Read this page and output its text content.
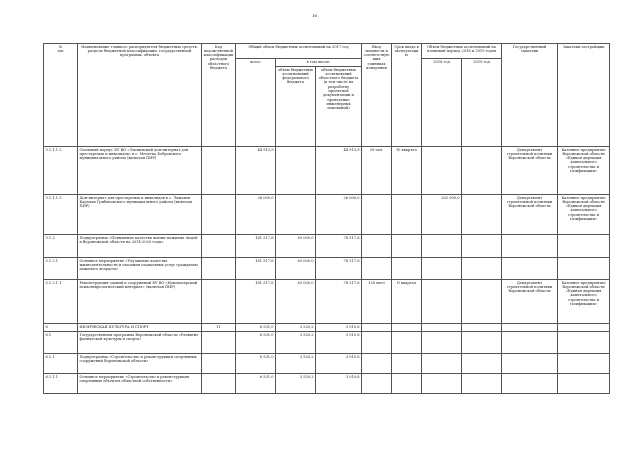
16
№
п/п	Наименование главного распорядителя бюджетных средств, раздела бюджетной классификации, государственной программы, объекта	Код ведомственной классификации расходов областного бюджета	Общий объем бюджетных ассигнований на 2017 год			Ввод мощности в соответствующих единицах измерения	Срок ввода в эксплуатацию	Объем бюджетных ассигнований на плановый период 2018 и 2019 годов		Государственный заказчик	Заказчик-застройщик
			всего	в том числе:				2018 год	2019 год		
				объем бюджетных ассигнований федерального бюджета	объем бюджетных ассигнований областного бюджета (в том числе на разработку проектной документации и проведение инженерных изысканий)						
5.1.1.1.2	Спальный корпус БУ ВО «Лискинский дом-интернат для престарелых и инвалидов» в с. Мечетка Бобровского муниципального района (включая ПИР)		44 913,9		44 913,9	20 чел.	IV квартал			Департамент строительной политики Воронежской области	Казенное предприятие Воронежской области «Единая дирекция капитального строительства и газификации»
5.1.1.1.3	Дом-интернат для престарелых и инвалидов в с. Лиманов Карачан Грибановского муниципального района (включая ПИР)		26 000,0		26 000,0			202 000,0		Департамент строительной политики Воронежской области	Казенное предприятие Воронежской области «Единая дирекция капитального строительства и газификации»
5.1.2	Подпрограмма «Повышение качества жизни пожилых людей в Воронежской области на 2014-2020 годы»		161 517,6	83 000,0	78 517,6						
5.1.2.1	Основное мероприятие «Улучшение качества жизнедеятельности и оказания социальных услуг гражданам пожилого возраста»		161 517,6	83 000,0	78 517,6						
5.1.2.1.1	Реконструкция зданий и сооружений БУ ВО «Новохоперский психоневрологический интернат» (включая ПИР)		161 517,6	83 000,0	78 517,6	128 мест	II квартал			Департамент строительной политики Воронежской области	Казенное предприятие Воронежской области «Единая дирекция капитального строительства и газификации»
6	ФИЗИЧЕСКАЯ КУЛЬТУРА И СПОРТ	11	6 531,0	3 520,2	3 010,8						
6.1	Государственная программа Воронежской области «Развитие физической культуры и спорта»		6 531,0	3 520,2	3 010,8						
6.1.1	Подпрограмма «Строительство и реконструкция спортивных сооружений Воронежской области»		6 531,0	3 520,2	3 010,8						
6.1.1.1	Основное мероприятие «Строительство и реконструкция спортивных объектов областной собственности»		6 531,0	3 520,2	3 010,8						
